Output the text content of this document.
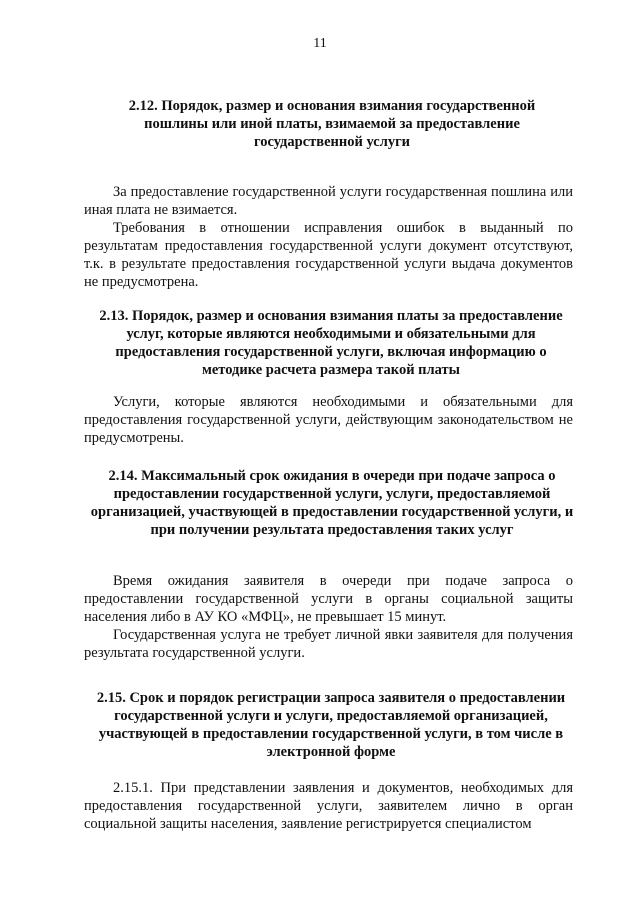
11
2.12. Порядок, размер и основания взимания государственной пошлины или иной платы, взимаемой за предоставление государственной услуги
За предоставление государственной услуги государственная пошлина или иная плата не взимается.
Требования в отношении исправления ошибок в выданный по результатам предоставления государственной услуги документ отсутствуют, т.к. в результате предоставления государственной услуги выдача документов не предусмотрена.
2.13. Порядок, размер и основания взимания платы за предоставление услуг, которые являются необходимыми и обязательными для предоставления государственной услуги, включая информацию о методике расчета размера такой платы
Услуги, которые являются необходимыми и обязательными для предоставления государственной услуги, действующим законодательством не предусмотрены.
2.14. Максимальный срок ожидания в очереди при подаче запроса о предоставлении государственной услуги, услуги, предоставляемой организацией, участвующей в предоставлении государственной услуги, и при получении результата предоставления таких услуг
Время ожидания заявителя в очереди при подаче запроса о предоставлении государственной услуги в органы социальной защиты населения либо в АУ КО «МФЦ», не превышает 15 минут.
Государственная услуга не требует личной явки заявителя для получения результата государственной услуги.
2.15. Срок и порядок регистрации запроса заявителя о предоставлении государственной услуги и услуги, предоставляемой организацией, участвующей в предоставлении государственной услуги, в том числе в электронной форме
2.15.1. При представлении заявления и документов, необходимых для предоставления государственной услуги, заявителем лично в орган социальной защиты населения, заявление регистрируется специалистом
